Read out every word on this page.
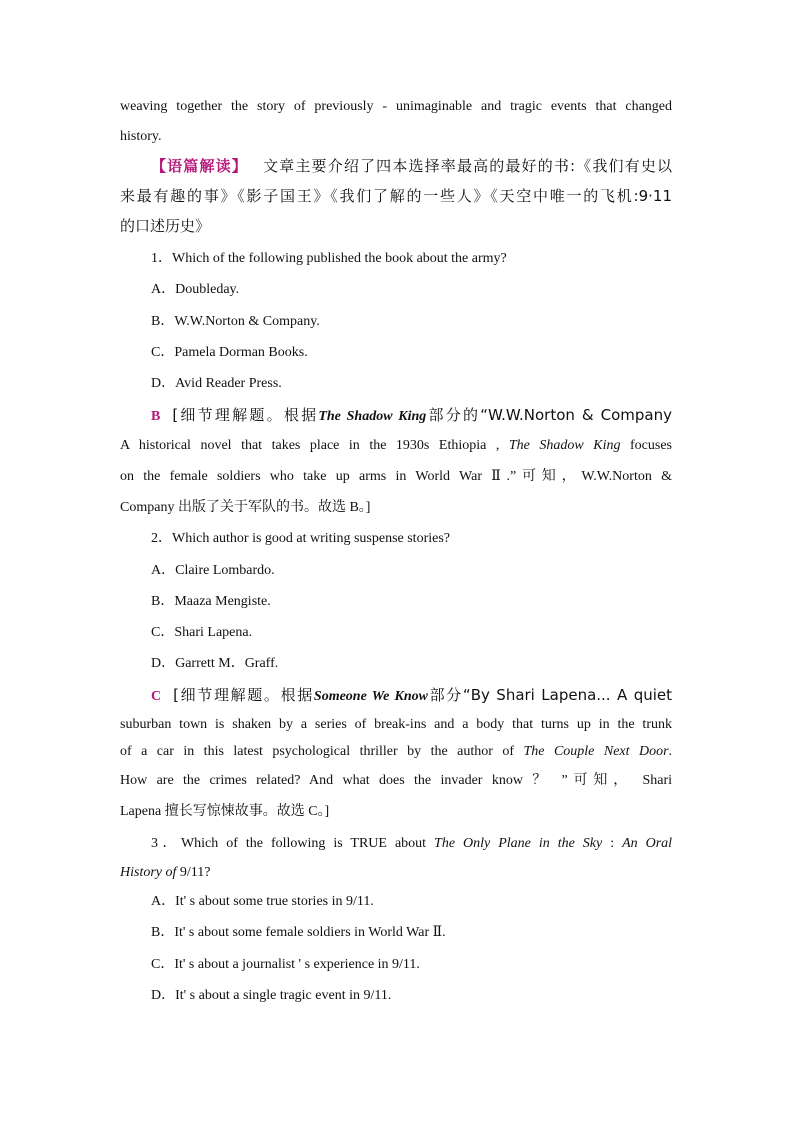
weaving together the story of previously - unimaginable and tragic events that changed
history.
【语篇解读】 文章主要介绍了四本选择率最高的最好的书:《我们有史以
来最有趣的事》《影子国王》《我们了解的一些人》《天空中唯一的飞机:9·11
的口述历史》
1．Which of the following published the book about the army?
A．Doubleday.
B．W.W.Norton & Company.
C．Pamela Dorman Books.
D．Avid Reader Press.
B [细节理解题。根据The Shadow King部分的“W.W.Norton & Company
A historical novel that takes place in the 1930s Ethiopia , The Shadow King focuses
on the female soldiers who take up arms in World War Ⅱ.”可知，W.W.Norton &
Company 出版了关于军队的书。故选 B。]
2．Which author is good at writing suspense stories?
A．Claire Lombardo.
B．Maaza Mengiste.
C．Shari Lapena.
D．Garrett M．Graff.
C [细节理解题。根据Someone We Know部分“By Shari Lapena... A quiet
suburban town is shaken by a series of break-ins and a body that turns up in the trunk
of a car in this latest psychological thriller by the author of The Couple Next Door.
How are the crimes related? And what does the invader know ？ ”可知， Shari
Lapena 擅长写惊悚故事。故选 C。]
3．Which of the following is TRUE about The Only Plane in the Sky : An Oral
History of 9/11?
A．It' s about some true stories in 9/11.
B．It' s about some female soldiers in World War Ⅱ.
C．It' s about a journalist ' s experience in 9/11.
D．It' s about a single tragic event in 9/11.
